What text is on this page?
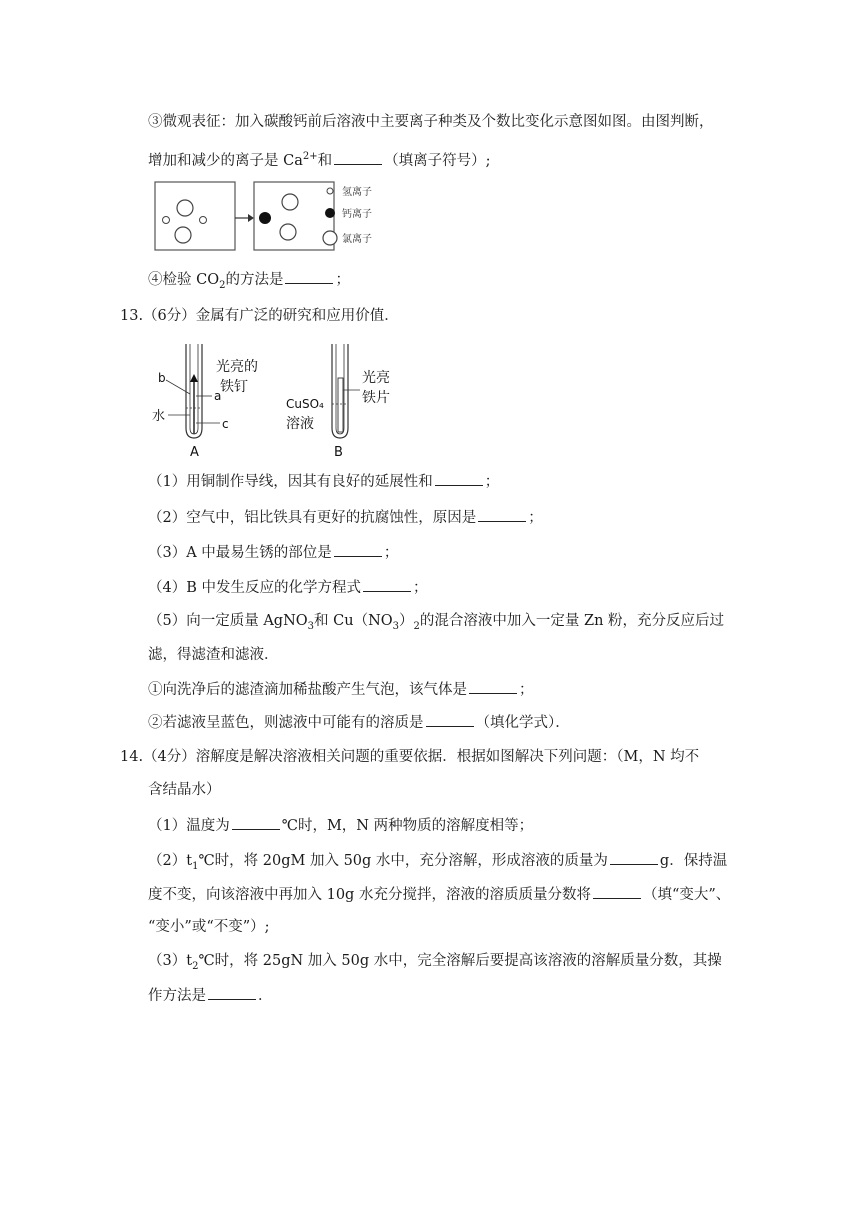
③微观表征：加入碳酸钙前后溶液中主要离子种类及个数比变化示意图如图。由图判断，
增加和减少的离子是 $Ca^{2+}$和	（填离子符号）;
氢离子
钙离子
氯离子
④检验 $CO_2$的方法是	；
13.（6分）金属有广泛的研究和应用价值．
b
a
水	c
光亮的
铁钉
A
光亮
铁片
CuSO₄
溶液
B
（1）用铜制作导线，因其有良好的延展性和	；
（2）空气中，铝比铁具有更好的抗腐蚀性，原因是	；
（3）A 中最易生锈的部位是	；
（4）B 中发生反应的化学方程式	；
（5）向一定质量 AgNO$_3$和 $Cu(NO_3)_2$的混合溶液中加入一定量 Zn 粉，充分反应后过
滤，得滤渣和滤液．
①向洗净后的滤渣滴加稀盐酸产生气泡，该气体是	；
②若滤液呈蓝色，则滤液中可能有的溶质是	（填化学式）．
14.（4分）溶解度是解决溶液相关问题的重要依据．根据如图解决下列问题：（M，N 均不
含结晶水）
（1）温度为	℃时，M，N 两种物质的溶解度相等；
$(2)t_1℃$时，将 20gM 加入 50g 水中，充分溶解，形成溶液的质量为	g．保持温
度不变，向该溶液中再加入 10g 水充分搅拌，溶液的溶质质量分数将	（填“变大”、
“变小”或“不变”）;
$(3)t_2℃$时，将 25gN 加入 50g 水中，完全溶解后要提高该溶液的溶解质量分数，其操
作方法是	．
